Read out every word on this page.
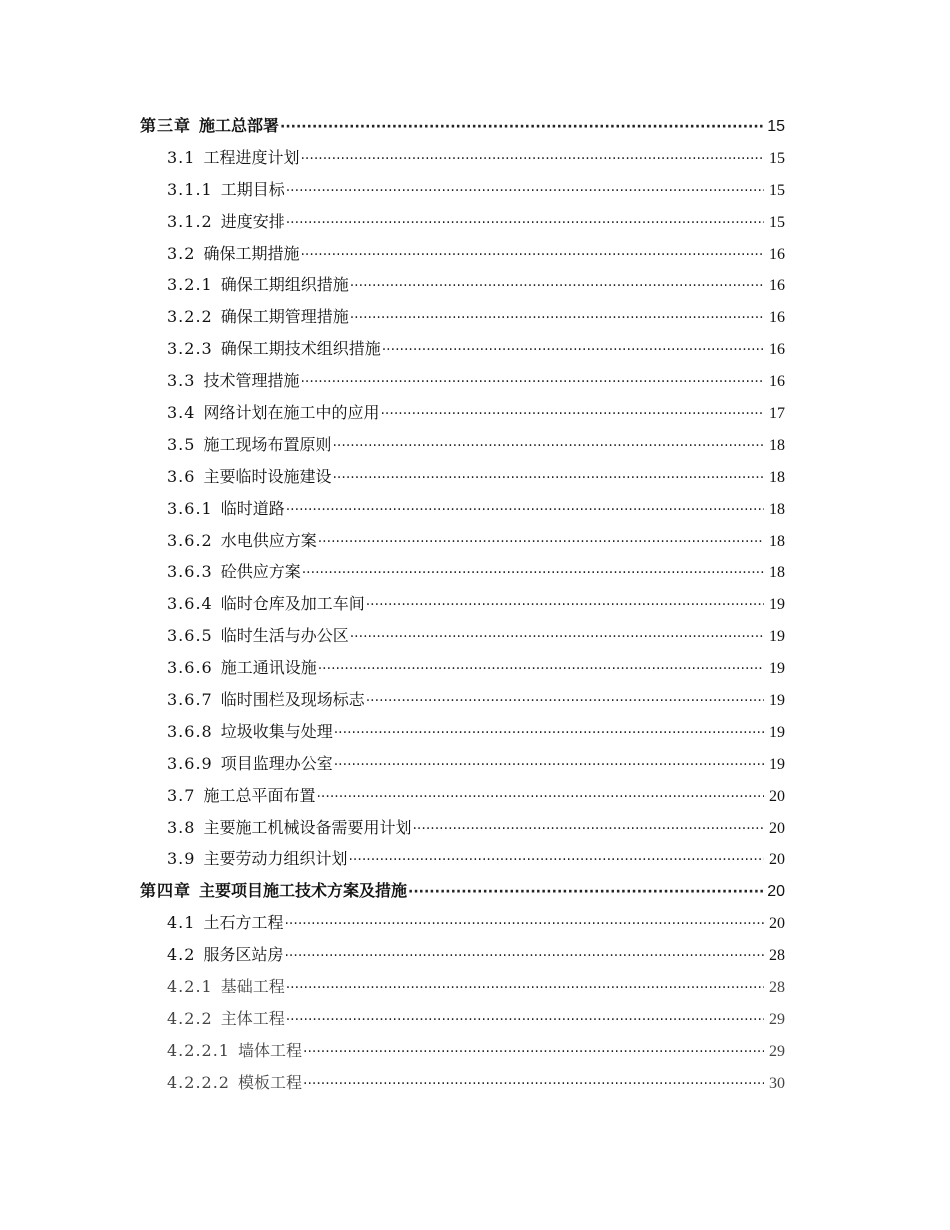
第三章 施工总部署 ·····	15
3.1 工程进度计划 ·····	15
3.1.1 工期目标 ·····	15
3.1.2 进度安排 ·····	15
3.2 确保工期措施 ·····	16
3.2.1 确保工期组织措施 ·····	16
3.2.2 确保工期管理措施 ·····	16
3.2.3 确保工期技术组织措施 ·····	16
3.3 技术管理措施 ·····	16
3.4 网络计划在施工中的应用 ·····	17
3.5 施工现场布置原则 ·····	18
3.6 主要临时设施建设 ·····	18
3.6.1 临时道路 ·····	18
3.6.2 水电供应方案 ·····	18
3.6.3 砼供应方案 ·····	18
3.6.4 临时仓库及加工车间 ·····	19
3.6.5 临时生活与办公区 ·····	19
3.6.6 施工通讯设施 ·····	19
3.6.7 临时围栏及现场标志 ·····	19
3.6.8 垃圾收集与处理 ·····	19
3.6.9 项目监理办公室 ·····	19
3.7 施工总平面布置 ·····	20
3.8 主要施工机械设备需要用计划 ·····	20
3.9 主要劳动力组织计划 ·····	20
第四章 主要项目施工技术方案及措施 ·····	20
4.1 土石方工程 ·····	20
4.2 服务区站房 ·····	28
4.2.1 基础工程 ·····	28
4.2.2 主体工程 ·····	29
4.2.2.1 墙体工程 ·····	29
4.2.2.2 模板工程 ·····	30
